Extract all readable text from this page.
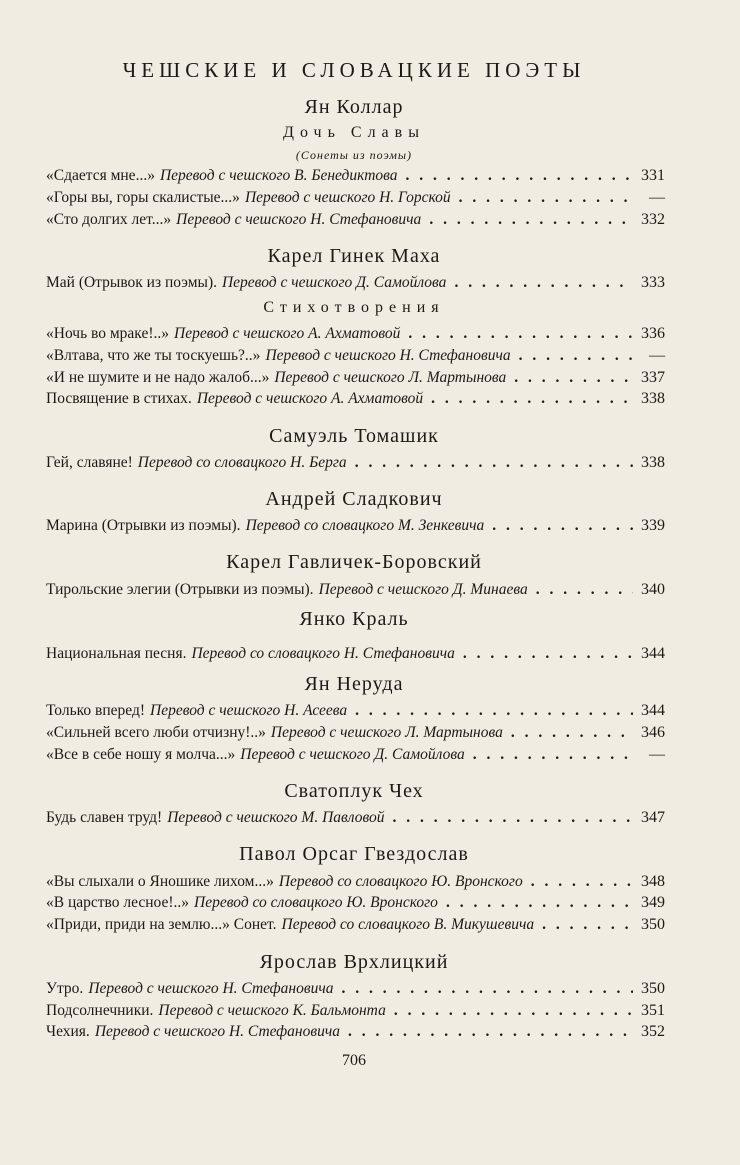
ЧЕШСКИЕ И СЛОВАЦКИЕ ПОЭТЫ
Ян Коллар
Дочь Славы
(Сонеты из поэмы)
«Сдается мне...» Перевод с чешского В. Бенедиктова . . .	331
«Горы вы, горы скалистые...» Перевод с чешского Н. Горской . . .	—
«Сто долгих лет...» Перевод с чешского Н. Стефановича . . .	332
Карел Гинек Маха
Май (Отрывок из поэмы). Перевод с чешского Д. Самойлова . . .	333
Стихотворения
«Ночь во мраке!..» Перевод с чешского А. Ахматовой . . .	336
«Влтава, что же ты тоскуешь?..» Перевод с чешского Н. Стефановича . . .	—
«И не шумите и не надо жалоб...» Перевод с чешского Л. Мартынова . . .	337
Посвящение в стихах. Перевод с чешского А. Ахматовой . . .	338
Самуэль Томашик
Гей, славяне! Перевод со словацкого Н. Берга . . .	338
Андрей Сладкович
Марина (Отрывки из поэмы). Перевод со словацкого М. Зенкевича . . .	339
Карел Гавличек-Боровский
Тирольские элегии (Отрывки из поэмы). Перевод с чешского Д. Минаева . . .	340
Янко Краль
Национальная песня. Перевод со словацкого Н. Стефановича . . .	344
Ян Неруда
Только вперед! Перевод с чешского Н. Асеева . . .	344
«Сильней всего люби отчизну!..» Перевод с чешского Л. Мартынова . . .	346
«Все в себе ношу я молча...» Перевод с чешского Д. Самойлова . . .	—
Сватоплук Чех
Будь славен труд! Перевод с чешского М. Павловой . . .	347
Павол Орсаг Гвездослав
«Вы слыхали о Яношике лихом...» Перевод со словацкого Ю. Вронского . . .	348
«В царство лесное!..» Перевод со словацкого Ю. Вронского . . .	349
«Приди, приди на землю...» Сонет. Перевод со словацкого В. Микушевича . . .	350
Ярослав Врхлицкий
Утро. Перевод с чешского Н. Стефановича . . .	350
Подсолнечники. Перевод с чешского К. Бальмонта . . .	351
Чехия. Перевод с чешского Н. Стефановича . . .	352
706
